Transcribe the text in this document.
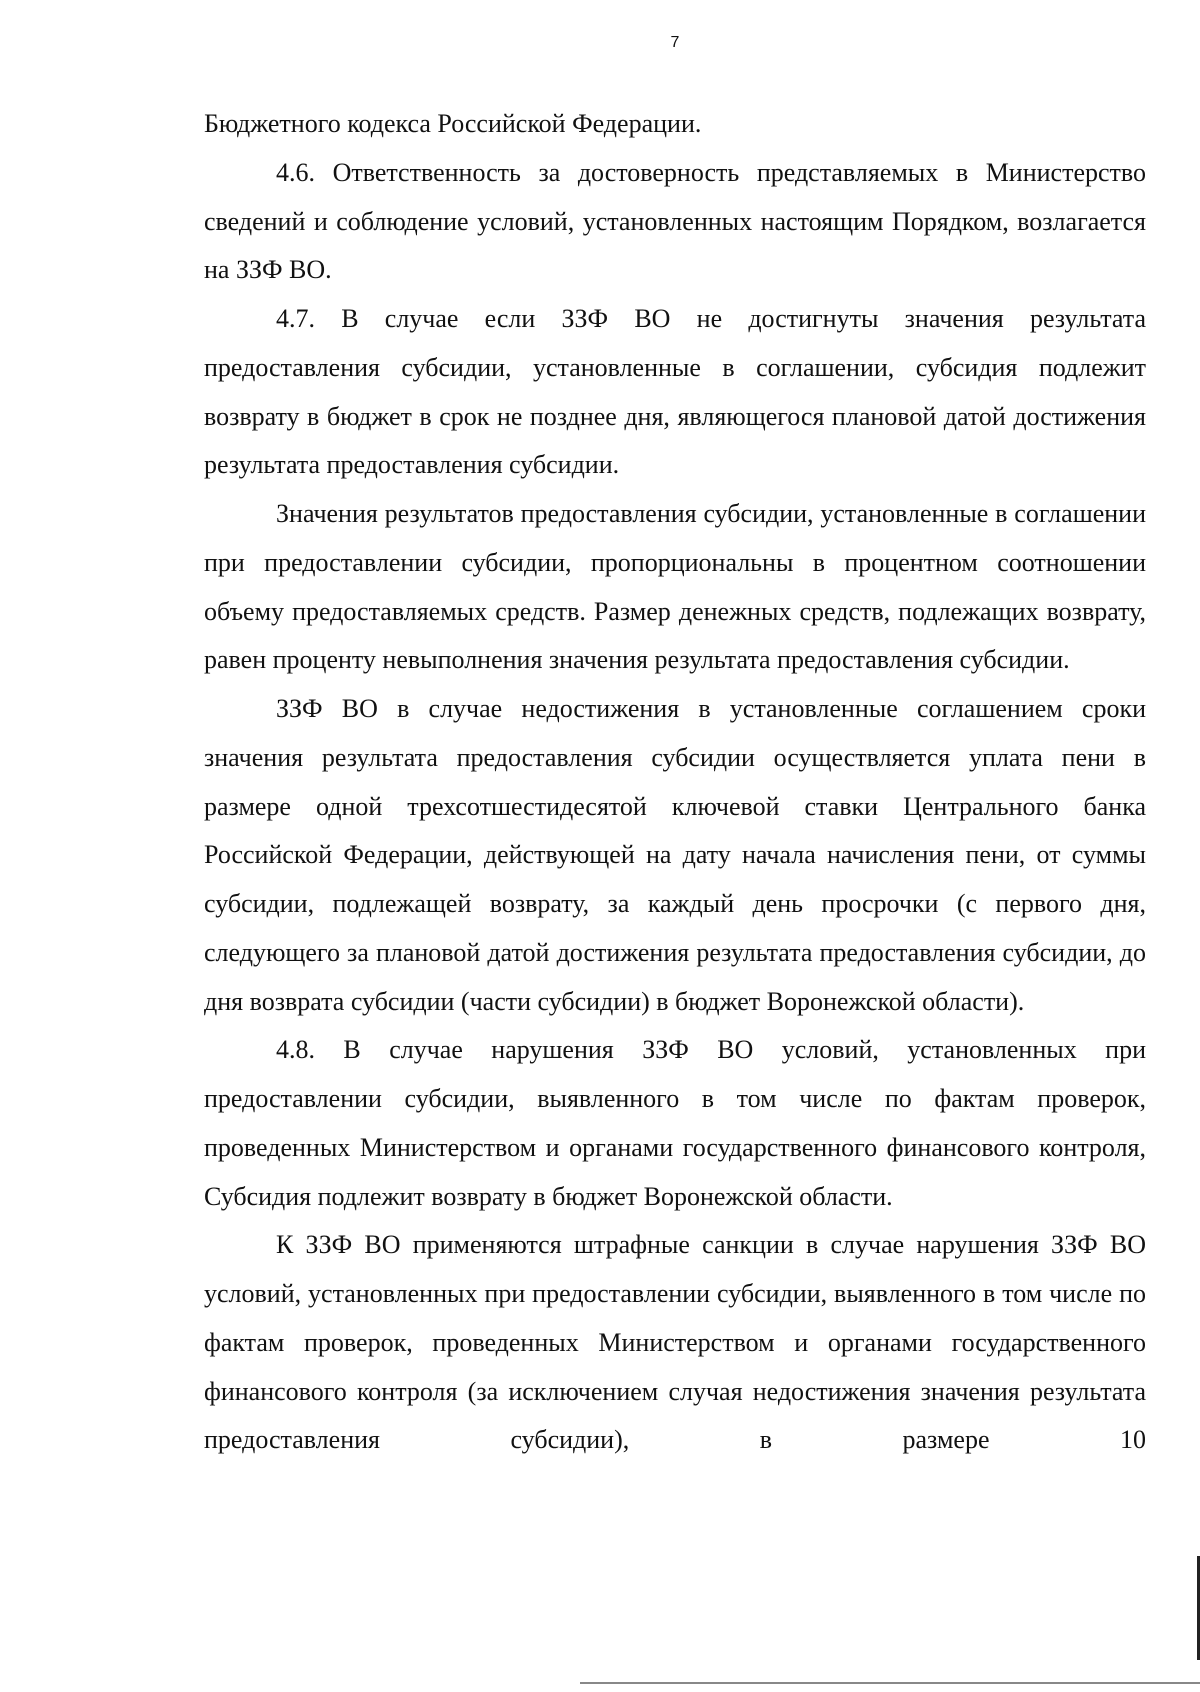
7

Бюджетного кодекса Российской Федерации.

4.6. Ответственность за достоверность представляемых в Министерство сведений и соблюдение условий, установленных настоящим Порядком, возлагается на ЗЗФ ВО.

4.7. В случае если ЗЗФ ВО не достигнуты значения результата предоставления субсидии, установленные в соглашении, субсидия подлежит возврату в бюджет в срок не позднее дня, являющегося плановой датой достижения результата предоставления субсидии.

Значения результатов предоставления субсидии, установленные в соглашении при предоставлении субсидии, пропорциональны в процентном соотношении объему предоставляемых средств. Размер денежных средств, подлежащих возврату, равен проценту невыполнения значения результата предоставления субсидии.

ЗЗФ ВО в случае недостижения в установленные соглашением сроки значения результата предоставления субсидии осуществляется уплата пени в размере одной трехсотшестидесятой ключевой ставки Центрального банка Российской Федерации, действующей на дату начала начисления пени, от суммы субсидии, подлежащей возврату, за каждый день просрочки (с первого дня, следующего за плановой датой достижения результата предоставления субсидии, до дня возврата субсидии (части субсидии) в бюджет Воронежской области).

4.8. В случае нарушения ЗЗФ ВО условий, установленных при предоставлении субсидии, выявленного в том числе по фактам проверок, проведенных Министерством и органами государственного финансового контроля, Субсидия подлежит возврату в бюджет Воронежской области.

К ЗЗФ ВО применяются штрафные санкции в случае нарушения ЗЗФ ВО условий, установленных при предоставлении субсидии, выявленного в том числе по фактам проверок, проведенных Министерством и органами государственного финансового контроля (за исключением случая недостижения значения результата предоставления субсидии), в размере 10
